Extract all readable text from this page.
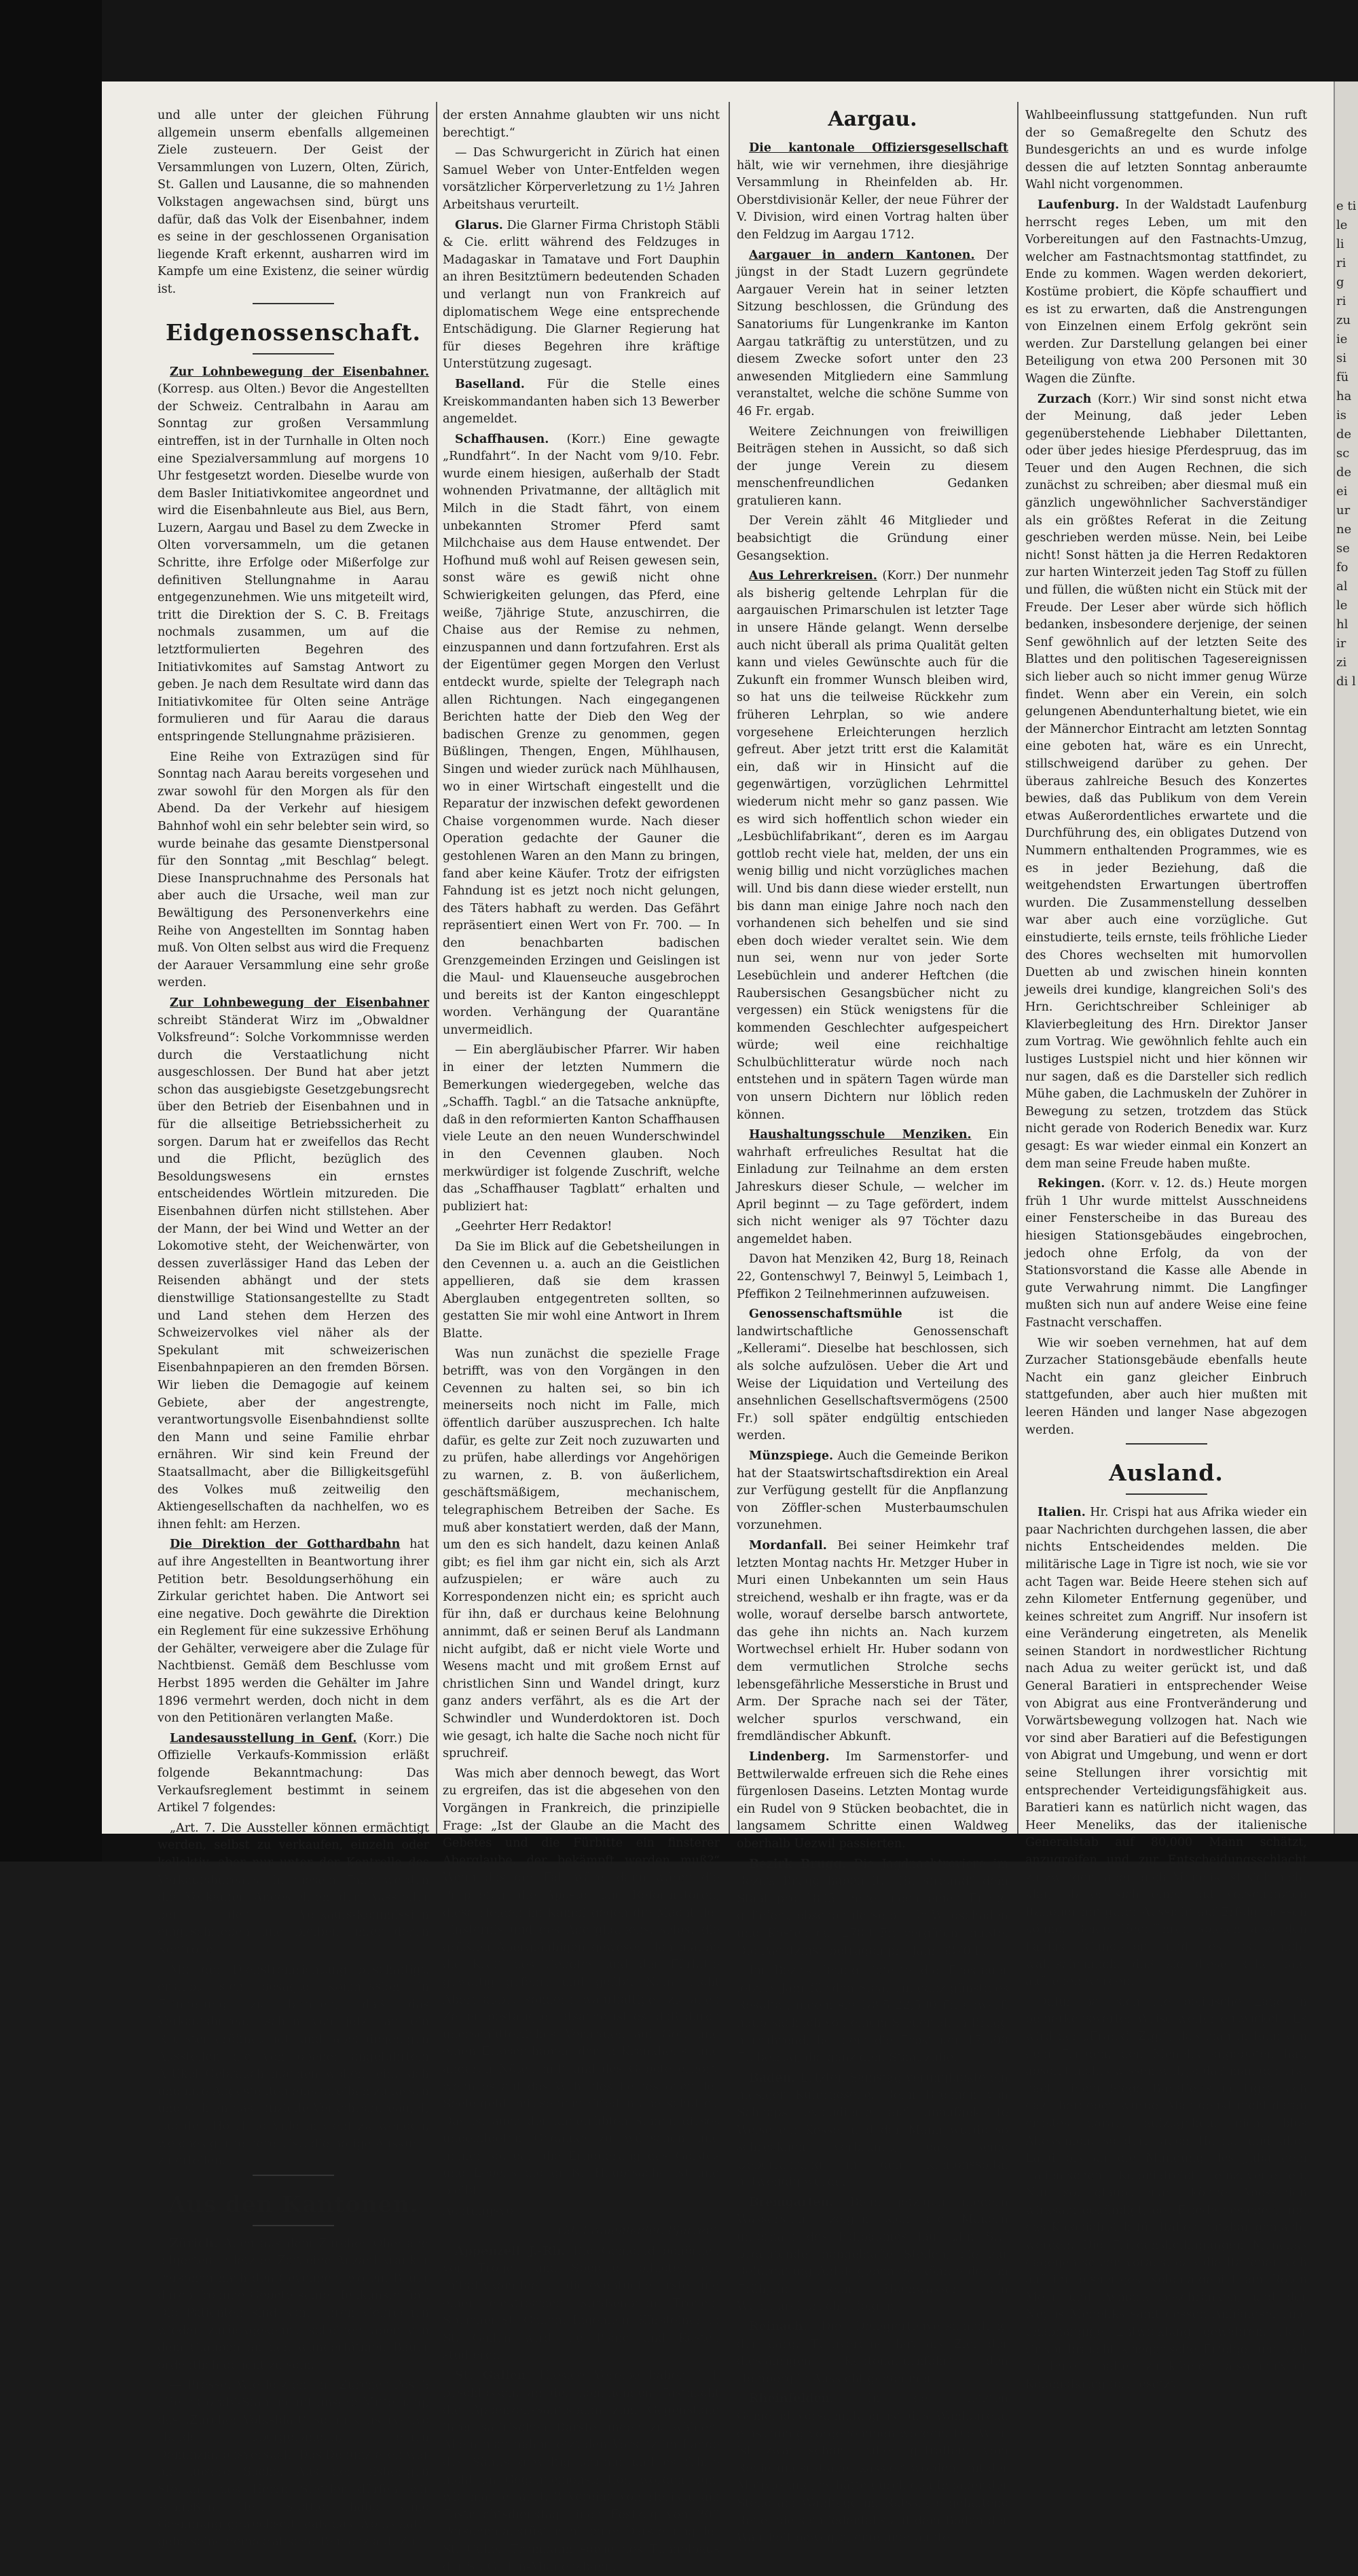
e ti le li ri g ri zu ie si fü ha is de sc de ei ur ne se fo al le hl ir zi di l

und alle unter der gleichen Führung allgemein unserm ebenfalls allgemeinen Ziele zusteuern. Der Geist der Versammlungen von Luzern, Olten, Zürich, St. Gallen und Lausanne, die so mahnenden Volkstagen angewachsen sind, bürgt uns dafür, daß das Volk der Eisenbahner, indem es seine in der geschlossenen Organisation liegende Kraft erkennt, ausharren wird im Kampfe um eine Existenz, die seiner würdig ist.

Eidgenossenschaft.

Zur Lohnbewegung der Eisenbahner. (Korresp. aus Olten.) Bevor die Angestellten der Schweiz. Centralbahn in Aarau am Sonntag zur großen Versammlung eintreffen, ist in der Turnhalle in Olten noch eine Spezialversammlung auf morgens 10 Uhr festgesetzt worden. Dieselbe wurde von dem Basler Initiativkomitee angeordnet und wird die Eisenbahnleute aus Biel, aus Bern, Luzern, Aargau und Basel zu dem Zwecke in Olten vorversammeln, um die getanen Schritte, ihre Erfolge oder Mißerfolge zur definitiven Stellungnahme in Aarau entgegenzunehmen. Wie uns mitgeteilt wird, tritt die Direktion der S. C. B. Freitags nochmals zusammen, um auf die letztformulierten Begehren des Initiativkomites auf Samstag Antwort zu geben. Je nach dem Resultate wird dann das Initiativkomitee für Olten seine Anträge formulieren und für Aarau die daraus entspringende Stellungnahme präzisieren.

Eine Reihe von Extrazügen sind für Sonntag nach Aarau bereits vorgesehen und zwar sowohl für den Morgen als für den Abend. Da der Verkehr auf hiesigem Bahnhof wohl ein sehr belebter sein wird, so wurde beinahe das gesamte Dienstpersonal für den Sonntag „mit Beschlag“ belegt. Diese Inanspruchnahme des Personals hat aber auch die Ursache, weil man zur Bewältigung des Personenverkehrs eine Reihe von Angestellten im Sonntag haben muß. Von Olten selbst aus wird die Frequenz der Aarauer Versammlung eine sehr große werden.

Zur Lohnbewegung der Eisenbahner schreibt Ständerat Wirz im „Obwaldner Volksfreund“: Solche Vorkommnisse werden durch die Verstaatlichung nicht ausgeschlossen. Der Bund hat aber jetzt schon das ausgiebigste Gesetzgebungsrecht über den Betrieb der Eisenbahnen und in für die allseitige Betriebssicherheit zu sorgen. Darum hat er zweifellos das Recht und die Pflicht, bezüglich des Besoldungswesens ein ernstes entscheidendes Wörtlein mitzureden. Die Eisenbahnen dürfen nicht stillstehen. Aber der Mann, der bei Wind und Wetter an der Lokomotive steht, der Weichenwärter, von dessen zuverlässiger Hand das Leben der Reisenden abhängt und der stets dienstwillige Stationsangestellte zu Stadt und Land stehen dem Herzen des Schweizervolkes viel näher als der Spekulant mit schweizerischen Eisenbahnpapieren an den fremden Börsen. Wir lieben die Demagogie auf keinem Gebiete, aber der angestrengte, verantwortungsvolle Eisenbahndienst sollte den Mann und seine Familie ehrbar ernähren. Wir sind kein Freund der Staatsallmacht, aber die Billigkeitsgefühl des Volkes muß zeitweilig den Aktiengesellschaften da nachhelfen, wo es ihnen fehlt: am Herzen.

Die Direktion der Gotthardbahn hat auf ihre Angestellten in Beantwortung ihrer Petition betr. Besoldungserhöhung ein Zirkular gerichtet haben. Die Antwort sei eine negative. Doch gewährte die Direktion ein Reglement für eine sukzessive Erhöhung der Gehälter, verweigere aber die Zulage für Nachtbienst. Gemäß dem Beschlusse vom Herbst 1895 werden die Gehälter im Jahre 1896 vermehrt werden, doch nicht in dem von den Petitionären verlangten Maße.

Landesausstellung in Genf. (Korr.) Die Offizielle Verkaufs-Kommission erläßt folgende Bekanntmachung: Das Verkaufsreglement bestimmt in seinem Artikel 7 folgendes:

„Art. 7. Die Aussteller können ermächtigt werden, selbst zu verkaufen, einzeln oder kollektiv, aber nur unter der Kontrolle des Verkaufsbureaus. In diesem Falle werden die Verkäufer Angestellten der Aussteller bei der Verkaufs-Kommission eingeschrieben und bleiben unter deren Kontrolle.“

Mit der Dienstreinrichtung beschäftigt, erlaubt sich besagte Kommission in Erinnerung zu bringen, daß das Verkaufsbureau schon von jetzt an ein Register eröffnet hat, und labet diejenigen Aussteller, die von obener angeführtem Artikel Gebrauch machen wollen, ein, sich und ihre Angestellten einschreiben zu lassen und sich an das offizielle Verkehrsbureau, 4, rue de l'Hôtel de Ville in Genf zu wenden, welches gerne bereit ist, die nötige Auskunft zu erteilen.

Aus den Kantonen.

Zürich. Auch aus dem Zürcher Oberland pilgerten in letzter Zeit eine Anzahl kranker Personen nach den Cevennen, wo ein Bauer durch fromme Gebete seine Heilkünste übt. Die Patienten sind samt ihren Gebrechen wieder zurückgekehrt, scheinen aber von dem Glauben an den wundertätigen Bauer ordentlich geheilt zu sein.

— Presse. Wie letzten im „Zürcher Post“: „Herr Corabi-Stahl nennt unsere Mitteilung, das „Zürcher Volksblatt“ sei in konservative Hände übergegangen, einen Denunziationsversuch. Das Denunzieren war nie unsere Sache. Aus der bisherigen Stellung des Herrn Stettler dürfen wir schließen, Herr Stettler habe seine Gesinnung gewechselt, daß das „Volksblatt“ gebe seine demokratische Tendenz auf. Zu

der ersten Annahme glaubten wir uns nicht berechtigt.“

— Das Schwurgericht in Zürich hat einen Samuel Weber von Unter-Entfelden wegen vorsätzlicher Körperverletzung zu 1½ Jahren Arbeitshaus verurteilt.

Glarus. Die Glarner Firma Christoph Stäbli & Cie. erlitt während des Feldzuges in Madagaskar in Tamatave und Fort Dauphin an ihren Besitztümern bedeutenden Schaden und verlangt nun von Frankreich auf diplomatischem Wege eine entsprechende Entschädigung. Die Glarner Regierung hat für dieses Begehren ihre kräftige Unterstützung zugesagt.

Baselland. Für die Stelle eines Kreiskommandanten haben sich 13 Bewerber angemeldet.

Schaffhausen. (Korr.) Eine gewagte „Rundfahrt“. In der Nacht vom 9/10. Febr. wurde einem hiesigen, außerhalb der Stadt wohnenden Privatmanne, der alltäglich mit Milch in die Stadt fährt, von einem unbekannten Stromer Pferd samt Milchchaise aus dem Hause entwendet. Der Hofhund muß wohl auf Reisen gewesen sein, sonst wäre es gewiß nicht ohne Schwierigkeiten gelungen, das Pferd, eine weiße, 7jährige Stute, anzuschirren, die Chaise aus der Remise zu nehmen, einzuspannen und dann fortzufahren. Erst als der Eigentümer gegen Morgen den Verlust entdeckt wurde, spielte der Telegraph nach allen Richtungen. Nach eingegangenen Berichten hatte der Dieb den Weg der badischen Grenze zu genommen, gegen Büßlingen, Thengen, Engen, Mühlhausen, Singen und wieder zurück nach Mühlhausen, wo in einer Wirtschaft eingestellt und die Reparatur der inzwischen defekt gewordenen Chaise vorgenommen wurde. Nach dieser Operation gedachte der Gauner die gestohlenen Waren an den Mann zu bringen, fand aber keine Käufer. Trotz der eifrigsten Fahndung ist es jetzt noch nicht gelungen, des Täters habhaft zu werden. Das Gefährt repräsentiert einen Wert von Fr. 700. — In den benachbarten badischen Grenzgemeinden Erzingen und Geislingen ist die Maul- und Klauenseuche ausgebrochen und bereits ist der Kanton eingeschleppt worden. Verhängung der Quarantäne unvermeidlich.

— Ein abergläubischer Pfarrer. Wir haben in einer der letzten Nummern die Bemerkungen wiedergegeben, welche das „Schaffh. Tagbl.“ an die Tatsache anknüpfte, daß in den reformierten Kanton Schaffhausen viele Leute an den neuen Wunderschwindel in den Cevennen glauben. Noch merkwürdiger ist folgende Zuschrift, welche das „Schaffhauser Tagblatt“ erhalten und publiziert hat:

„Geehrter Herr Redaktor!

Da Sie im Blick auf die Gebetsheilungen in den Cevennen u. a. auch an die Geistlichen appellieren, daß sie dem krassen Aberglauben entgegentreten sollten, so gestatten Sie mir wohl eine Antwort in Ihrem Blatte.

Was nun zunächst die spezielle Frage betrifft, was von den Vorgängen in den Cevennen zu halten sei, so bin ich meinerseits noch nicht im Falle, mich öffentlich darüber auszusprechen. Ich halte dafür, es gelte zur Zeit noch zuzuwarten und zu prüfen, habe allerdings vor Angehörigen zu warnen, z. B. von äußerlichem, geschäftsmäßigem, mechanischem, telegraphischem Betreiben der Sache. Es muß aber konstatiert werden, daß der Mann, um den es sich handelt, dazu keinen Anlaß gibt; es fiel ihm gar nicht ein, sich als Arzt aufzuspielen; er wäre auch zu Korrespondenzen nicht ein; es spricht auch für ihn, daß er durchaus keine Belohnung annimmt, daß er seinen Beruf als Landmann nicht aufgibt, daß er nicht viele Worte und Wesens macht und mit großem Ernst auf christlichen Sinn und Wandel dringt, kurz ganz anders verfährt, als es die Art der Schwindler und Wunderdoktoren ist. Doch wie gesagt, ich halte die Sache noch nicht für spruchreif.

Was mich aber dennoch bewegt, das Wort zu ergreifen, das ist die abgesehen von den Vorgängen in Frankreich, die prinzipielle Frage: „Ist der Glaube an die Macht des Gebetes und die Fürbitte ein finsterer Aberglaube, der bekämpft werden muß?“ Wenn das der Fall wäre, dann wären die Propheten, die Apostel und Reformatoren, diese Helden im Kampf gegen die Macht der Finsternis und des Aberglaubens, selbst die größten Abergläubigen gewesen. Ich glaube die Kraft des Gebetes und der Fürbitte gewaltig gefehrt und geübt. Nein, nicht Aberglaube, sondern wahrhaftige, zu allen Zeiten bestätigte Tatsache ist es, daß durch unerschütterliches Vertrauen auf Gott und einen Erlöser haben, der in Krankheits- und anderen Nöten hilft und des Gebete erhört, wenn es auf das Wohl des Leibes oder der Seele geht, mit seinem Frieden überschüttet. Das ist auch der ungetrübten Sinnen dieses ungebildeten Gedanke zu wünschen und immer so, daß die Erneuerung des Geistes und Lebens die große Hauptsache ist und bleibt.

Achtungsvoll

Cd. Frauenfelder, Pfarrer.“

Appenzell J.-Rh. Die Gemeindebehörden von Trogen und Speicher bildeten ein Initiativkomitee für die eventuelle Erstellung einer elektrischen Straßenbahn Trogen-Speicher-St. Gallen. Ingenieur Kürsteiner in St. Gallen wird die Pläne und Kosten studieren.

St. Gallen. Hiesige Vereine haben f. J. beschlossen, an der kommenden Fastnacht die Appenzell-Säntisbahn zum Gegenstand ihrer satirischen Darstellungen zu wählen. Allein man nahm jetzt den Vorsatz im Lande des Säntis gewaltig krumm und es fehlte nicht an Gegendemonstration worden nun, wie man erfährt, 3 Vereine von Herisau am Fastnachtsdienstag einen Festzug von 200 Personen ausrüsten mit einer Darstellung der St. Galler Trambahn sowie des Tunnelbaus der St. Gallen-Mühleckbahn.

Aargau.

Die kantonale Offiziersgesellschaft hält, wie wir vernehmen, ihre diesjährige Versammlung in Rheinfelden ab. Hr. Oberstdivisionär Keller, der neue Führer der V. Division, wird einen Vortrag halten über den Feldzug im Aargau 1712.

Aargauer in andern Kantonen. Der jüngst in der Stadt Luzern gegründete Aargauer Verein hat in seiner letzten Sitzung beschlossen, die Gründung des Sanatoriums für Lungenkranke im Kanton Aargau tatkräftig zu unterstützen, und zu diesem Zwecke sofort unter den 23 anwesenden Mitgliedern eine Sammlung veranstaltet, welche die schöne Summe von 46 Fr. ergab.

Weitere Zeichnungen von freiwilligen Beiträgen stehen in Aussicht, so daß sich der junge Verein zu diesem menschenfreundlichen Gedanken gratulieren kann.

Der Verein zählt 46 Mitglieder und beabsichtigt die Gründung einer Gesangsektion.

Aus Lehrerkreisen. (Korr.) Der nunmehr als bisherig geltende Lehrplan für die aargauischen Primarschulen ist letzter Tage in unsere Hände gelangt. Wenn derselbe auch nicht überall als prima Qualität gelten kann und vieles Gewünschte auch für die Zukunft ein frommer Wunsch bleiben wird, so hat uns die teilweise Rückkehr zum früheren Lehrplan, so wie andere vorgesehene Erleichterungen herzlich gefreut. Aber jetzt tritt erst die Kalamität ein, daß wir in Hinsicht auf die gegenwärtigen, vorzüglichen Lehrmittel wiederum nicht mehr so ganz passen. Wie es wird sich hoffentlich schon wieder ein „Lesbüchlifabrikant“, deren es im Aargau gottlob recht viele hat, melden, der uns ein wenig billig und nicht vorzügliches machen will. Und bis dann diese wieder erstellt, nun bis dann man einige Jahre noch nach den vorhandenen sich behelfen und sie sind eben doch wieder veraltet sein. Wie dem nun sei, wenn nur von jeder Sorte Lesebüchlein und anderer Heftchen (die Raubersischen Gesangsbücher nicht zu vergessen) ein Stück wenigstens für die kommenden Geschlechter aufgespeichert würde; weil eine reichhaltige Schulbüchlitteratur würde noch nach entstehen und in spätern Tagen würde man von unsern Dichtern nur löblich reden können.

Haushaltungsschule Menziken. Ein wahrhaft erfreuliches Resultat hat die Einladung zur Teilnahme an dem ersten Jahreskurs dieser Schule, — welcher im April beginnt — zu Tage gefördert, indem sich nicht weniger als 97 Töchter dazu angemeldet haben.

Davon hat Menziken 42, Burg 18, Reinach 22, Gontenschwyl 7, Beinwyl 5, Leimbach 1, Pfeffikon 2 Teilnehmerinnen aufzuweisen.

Genossenschaftsmühle	ist die landwirtschaftliche Genossenschaft „Kellerami“. Dieselbe hat beschlossen, sich als solche aufzulösen. Ueber die Art und Weise der Liquidation und Verteilung des ansehnlichen Gesellschaftsvermögens (2500 Fr.) soll später endgültig entschieden werden.

Münzspiege. Auch die Gemeinde Berikon hat der Staatswirtschaftsdirektion ein Areal zur Verfügung gestellt für die Anpflanzung von Zöffler-schen Musterbaumschulen vorzunehmen.

Mordanfall. Bei seiner Heimkehr traf letzten Montag nachts Hr. Metzger Huber in Muri einen Unbekannten um sein Haus streichend, weshalb er ihn fragte, was er da wolle, worauf derselbe barsch antwortete, das gehe ihn nichts an. Nach kurzem Wortwechsel erhielt Hr. Huber sodann von dem vermutlichen Strolche sechs lebensgefährliche Messerstiche in Brust und Arm. Der Sprache nach sei der Täter, welcher spurlos verschwand, ein fremdländischer Abkunft.

Lindenberg. Im Sarmenstorfer- und Bettwilerwalde erfreuen sich die Rehe eines fürgenlosen Daseins. Letzten Montag wurde ein Rudel von 9 Stücken beobachtet, die in langsamem Schritte einen Waldweg oberhalb Uezwil passierten.

Bezirk Brugg. Die Jagdpachtreviere im Bezirk Brugg haben it. „Hausfreund“ dem Staat pro 1895 immer noch einen Ertrag geliefert, obschon derselbe für Wildschaden und Kosten ca. 2700 Fr. vergüten mußte. Die Pachtzinse betragen pro Jahr 3370 Fr.

Im Bezirk Brugg lieferte die Erbsteuer letztes Jahr für den Staat ein ganz günstiges Resultat, indem sie 1895 22,500 Fr. abwarf, hauptsächlich von einem Steuerfall in Brugg herrührend, bei dem die Erbsteuer 17,300 Fr. betrug, die ganz dem Staat zufiel.

Baden. Letzten Samstag verunglückte ein hiesiger Küfergeselle. Beim Brennen von Schnaps explodierte auf unaufgeklärte Weise ein Kessel und der Mann wurde so schrecklich verbrannt, daß seine Ueberführung in den Kantonsspital notwendig wurde.

Bremgarten. Beim jetzigen niedern Wasserstand zeigen sich die Mauern unterhalb des Fällbaumes laut „Fr. St.“ bedeutende mangelhafte Stellen, die zur Befürchtung Anlaß geben, es könnte der im Frühjahr beim Hochwasser ein Wuhrdurchbruch erfolgen.

Reinach. Die Delegiertenversammlung der aarg. Turnvereine hat als Ziel der diesjährigen Kantonalturnfahrt den Homberg in Aussicht genommen.

Rheinfelden.	In der letzten Gemeindeversammlung ist das Wahlbureau einstimmig vorgenommen worden. Die Wahl ist zwar schon früher getroffen, vom Regierungsrat aber kassiert worden, mit der Motivierung, es hätte durch den Inhaber der Stelle am Wahltage im Ratssaale gehaltene Rede, die sich jedenfalls auf dem Boden der Wahrheit bewegte, eine unerlaubte

Wahlbeeinflussung stattgefunden. Nun ruft der so Gemaßregelte den Schutz des Bundesgerichts an und es wurde infolge dessen die auf letzten Sonntag anberaumte Wahl nicht vorgenommen.

Laufenburg. In der Waldstadt Laufenburg herrscht reges Leben, um mit den Vorbereitungen auf den Fastnachts-Umzug, welcher am Fastnachtsmontag stattfindet, zu Ende zu kommen. Wagen werden dekoriert, Kostüme probiert, die Köpfe schauffiert und es ist zu erwarten, daß die Anstrengungen von Einzelnen einem Erfolg gekrönt sein werden. Zur Darstellung gelangen bei einer Beteiligung von etwa 200 Personen mit 30 Wagen die Zünfte.

Zurzach (Korr.) Wir sind sonst nicht etwa der Meinung, daß jeder Leben gegenüberstehende Liebhaber Dilettanten, oder über jedes hiesige Pferdespruug, das im Teuer und den Augen Rechnen, die sich zunächst zu schreiben; aber diesmal muß ein gänzlich ungewöhnlicher Sachverständiger als ein größtes Referat in die Zeitung geschrieben werden müsse. Nein, bei Leibe nicht! Sonst hätten ja die Herren Redaktoren zur harten Winterzeit jeden Tag Stoff zu füllen und füllen, die wüßten nicht ein Stück mit der Freude. Der Leser aber würde sich höflich bedanken, insbesondere derjenige, der seinen Senf gewöhnlich auf der letzten Seite des Blattes und den politischen Tagesereignissen sich lieber auch so nicht immer genug Würze findet. Wenn aber ein Verein, ein solch gelungenen Abendunterhaltung bietet, wie ein der Männerchor Eintracht am letzten Sonntag eine geboten hat, wäre es ein Unrecht, stillschweigend darüber zu gehen. Der überaus zahlreiche Besuch des Konzertes bewies, daß das Publikum von dem Verein etwas Außerordentliches erwartete und die Durchführung des, ein obligates Dutzend von Nummern enthaltenden Programmes, wie es es in jeder Beziehung, daß die weitgehendsten Erwartungen übertroffen wurden. Die Zusammenstellung desselben war aber auch eine vorzügliche. Gut einstudierte, teils ernste, teils fröhliche Lieder des Chores wechselten mit humorvollen Duetten ab und zwischen hinein konnten jeweils drei kundige, klangreichen Soli's des Hrn. Gerichtschreiber Schleiniger ab Klavierbegleitung des Hrn. Direktor Janser zum Vortrag. Wie gewöhnlich fehlte auch ein lustiges Lustspiel nicht und hier können wir nur sagen, daß es die Darsteller sich redlich Mühe gaben, die Lachmuskeln der Zuhörer in Bewegung zu setzen, trotzdem das Stück nicht gerade von Roderich Benedix war. Kurz gesagt: Es war wieder einmal ein Konzert an dem man seine Freude haben mußte.

Rekingen. (Korr. v. 12. ds.) Heute morgen früh 1 Uhr wurde mittelst Ausschneidens einer Fensterscheibe in das Bureau des hiesigen Stationsgebäudes eingebrochen, jedoch ohne Erfolg, da von der Stationsvorstand die Kasse alle Abende in gute Verwahrung nimmt. Die Langfinger mußten sich nun auf andere Weise eine feine Fastnacht verschaffen.

Wie wir soeben vernehmen, hat auf dem Zurzacher Stationsgebäude ebenfalls heute Nacht ein ganz gleicher Einbruch stattgefunden, aber auch hier mußten mit leeren Händen und langer Nase abgezogen werden.

Ausland.

Italien. Hr. Crispi hat aus Afrika wieder ein paar Nachrichten durchgehen lassen, die aber nichts Entscheidendes melden. Die militärische Lage in Tigre ist noch, wie sie vor acht Tagen war. Beide Heere stehen sich auf zehn Kilometer Entfernung gegenüber, und keines schreitet zum Angriff. Nur insofern ist eine Veränderung eingetreten, als Menelik seinen Standort in nordwestlicher Richtung nach Adua zu weiter gerückt ist, und daß General Baratieri in entsprechender Weise von Abigrat aus eine Frontveränderung und Vorwärtsbewegung vollzogen hat. Nach wie vor sind aber Baratieri auf die Befestigungen von Abigrat und Umgebung, und wenn er dort seine Stellungen ihrer vorsichtig mit entsprechender Verteidigungsfähigkeit aus. Baratieri kann es natürlich nicht wagen, das Heer Meneliks, das der italienische Generalstab auf 80,000 Mann schätzt, anzugreifen und zur Entscheidungsschlacht zu zwingen, aber auch Menelik ist sich nicht klar, ob er sich einer gut verschanzten Italiener mit guter Aussicht auf Erfolg messen könne. Beide Heerführer spielen also den Fabius Cunctator und es ist nicht wahrscheinlich, daß sie diese Rolle bald aufgeben werden.

Dafür hat sich die politische Lage in bemerkenswerter Weise weiter entwickelt. Es wird der „Frankf. Ztg.“, daß man in Rom von dem Frieden, den Menelik angeboten hat, absolut nichts wissen will, ja daß man der erst nach einem Siege Baratieris in Tigre sich dazu hergeben würde. Man denkt nicht daran ernstes darauf aufzugehen, nicht blos Abessinien, sondern auch Harrar und alles Land bis an die Mündung des Juba dem italienischen Kolonialreich einzuverleiben. Nur so, glaubt man, könne Abessinien wirksam gebändigt, der Friede gesichert und das Kolonialreich für Italien nutzbar gemacht werden. Die Friedensbedingungen Meneliks dagegen setzen voraus, daß die Italiener sich auf ihr bisheriges Kolonialgebiet am Roten Meer und Asmara beschränken, und der Negus Meneliks samt dessen Anhängsel eine unabhängige Entwicklung gewähren. Herr Crispi braucht kriegerische Erfolge, um sich im Innern halten zu können, also muß er Kolonialkrieg fortgesetzt,
